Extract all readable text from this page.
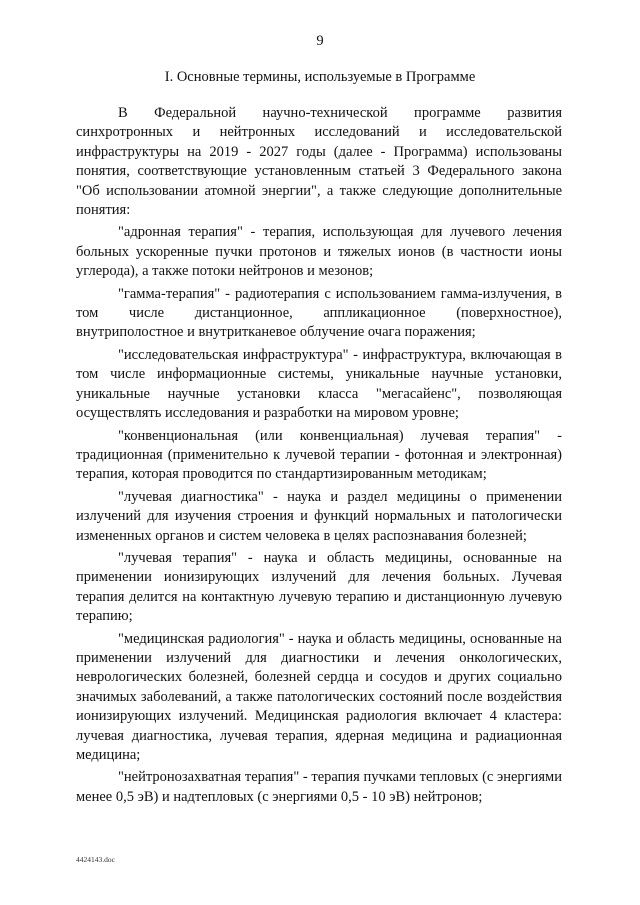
9
I. Основные термины, используемые в Программе

В Федеральной научно-технической программе развития синхротронных и нейтронных исследований и исследовательской инфраструктуры на 2019 - 2027 годы (далее - Программа) использованы понятия, соответствующие установленным статьей 3 Федерального закона "Об использовании атомной энергии", а также следующие дополнительные понятия:

"адронная терапия" - терапия, использующая для лучевого лечения больных ускоренные пучки протонов и тяжелых ионов (в частности ионы углерода), а также потоки нейтронов и мезонов;

"гамма-терапия" - радиотерапия с использованием гамма-излучения, в том числе дистанционное, аппликационное (поверхностное), внутриполостное и внутритканевое облучение очага поражения;

"исследовательская инфраструктура" - инфраструктура, включающая в том числе информационные системы, уникальные научные установки, уникальные научные установки класса "мегасайенс", позволяющая осуществлять исследования и разработки на мировом уровне;

"конвенциональная (или конвенциальная) лучевая терапия" - традиционная (применительно к лучевой терапии - фотонная и электронная) терапия, которая проводится по стандартизированным методикам;

"лучевая диагностика" - наука и раздел медицины о применении излучений для изучения строения и функций нормальных и патологически измененных органов и систем человека в целях распознавания болезней;

"лучевая терапия" - наука и область медицины, основанные на применении ионизирующих излучений для лечения больных. Лучевая терапия делится на контактную лучевую терапию и дистанционную лучевую терапию;

"медицинская радиология" - наука и область медицины, основанные на применении излучений для диагностики и лечения онкологических, неврологических болезней, болезней сердца и сосудов и других социально значимых заболеваний, а также патологических состояний после воздействия ионизирующих излучений. Медицинская радиология включает 4 кластера: лучевая диагностика, лучевая терапия, ядерная медицина и радиационная медицина;

"нейтронозахватная терапия" - терапия пучками тепловых (с энергиями менее 0,5 эВ) и надтепловых (с энергиями 0,5 - 10 эВ) нейтронов;

4424143.doc
